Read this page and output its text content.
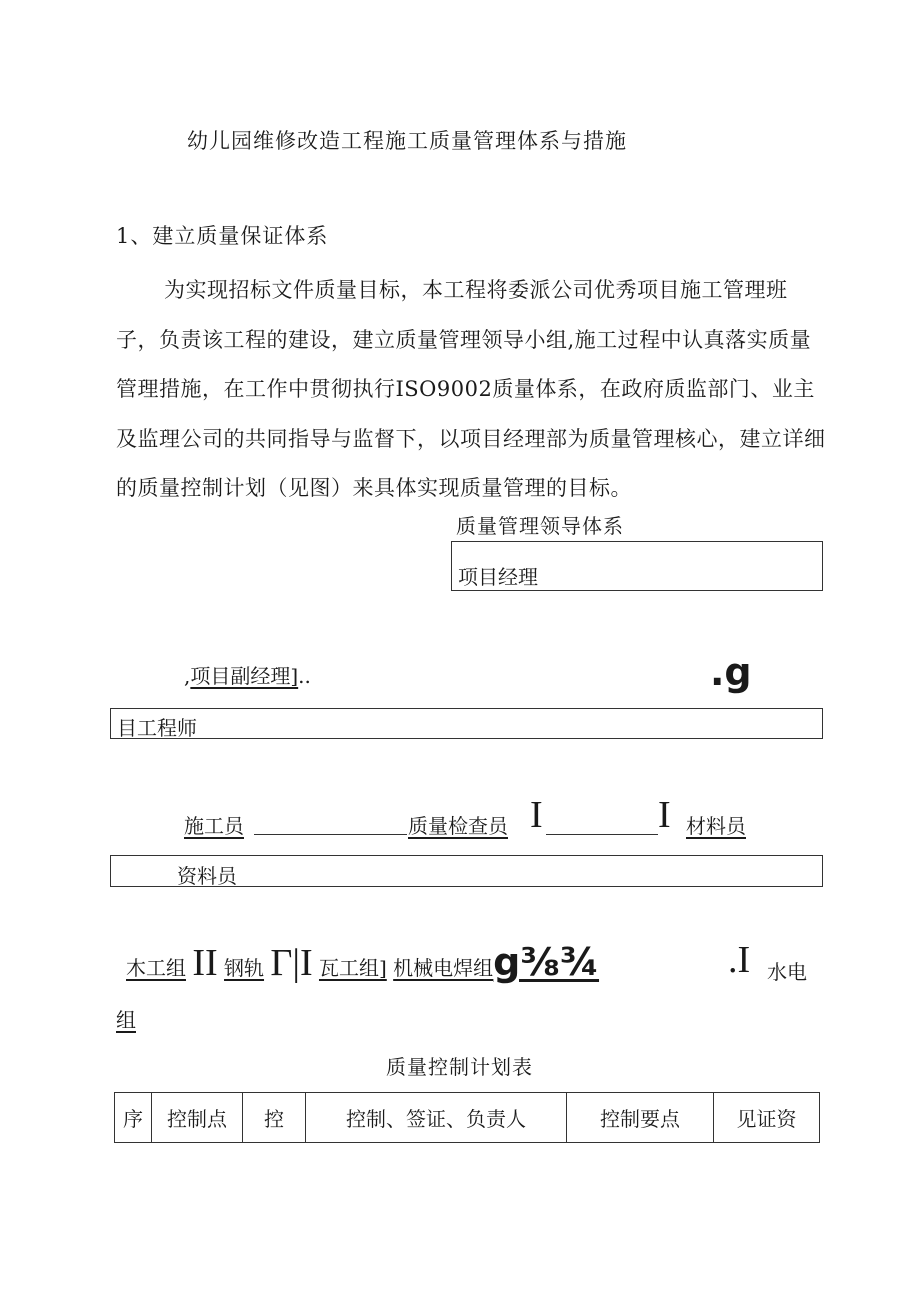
幼儿园维修改造工程施工质量管理体系与措施
1、建立质量保证体系

为实现招标文件质量目标，本工程将委派公司优秀项目施工管理班子，负责该工程的建设，建立质量管理领导小组,施工过程中认真落实质量管理措施，在工作中贯彻执行ISO9002质量体系，在政府质监部门、业主及监理公司的共同指导与监督下，以项目经理部为质量管理核心，建立详细的质量控制计划（见图）来具体实现质量管理的目标。

质量管理领导体系
项目经理
,项目副经理]..	.g
目工程师
施工员	质量检查员 I	I 材料员
资料员
木工组 II 钢轨 Γ|I 瓦工组] 机械电焊组g⅜¾	.I 水电
组
质量控制计划表
序	控制点	控	控制、签证、负责人	控制要点	见证资
